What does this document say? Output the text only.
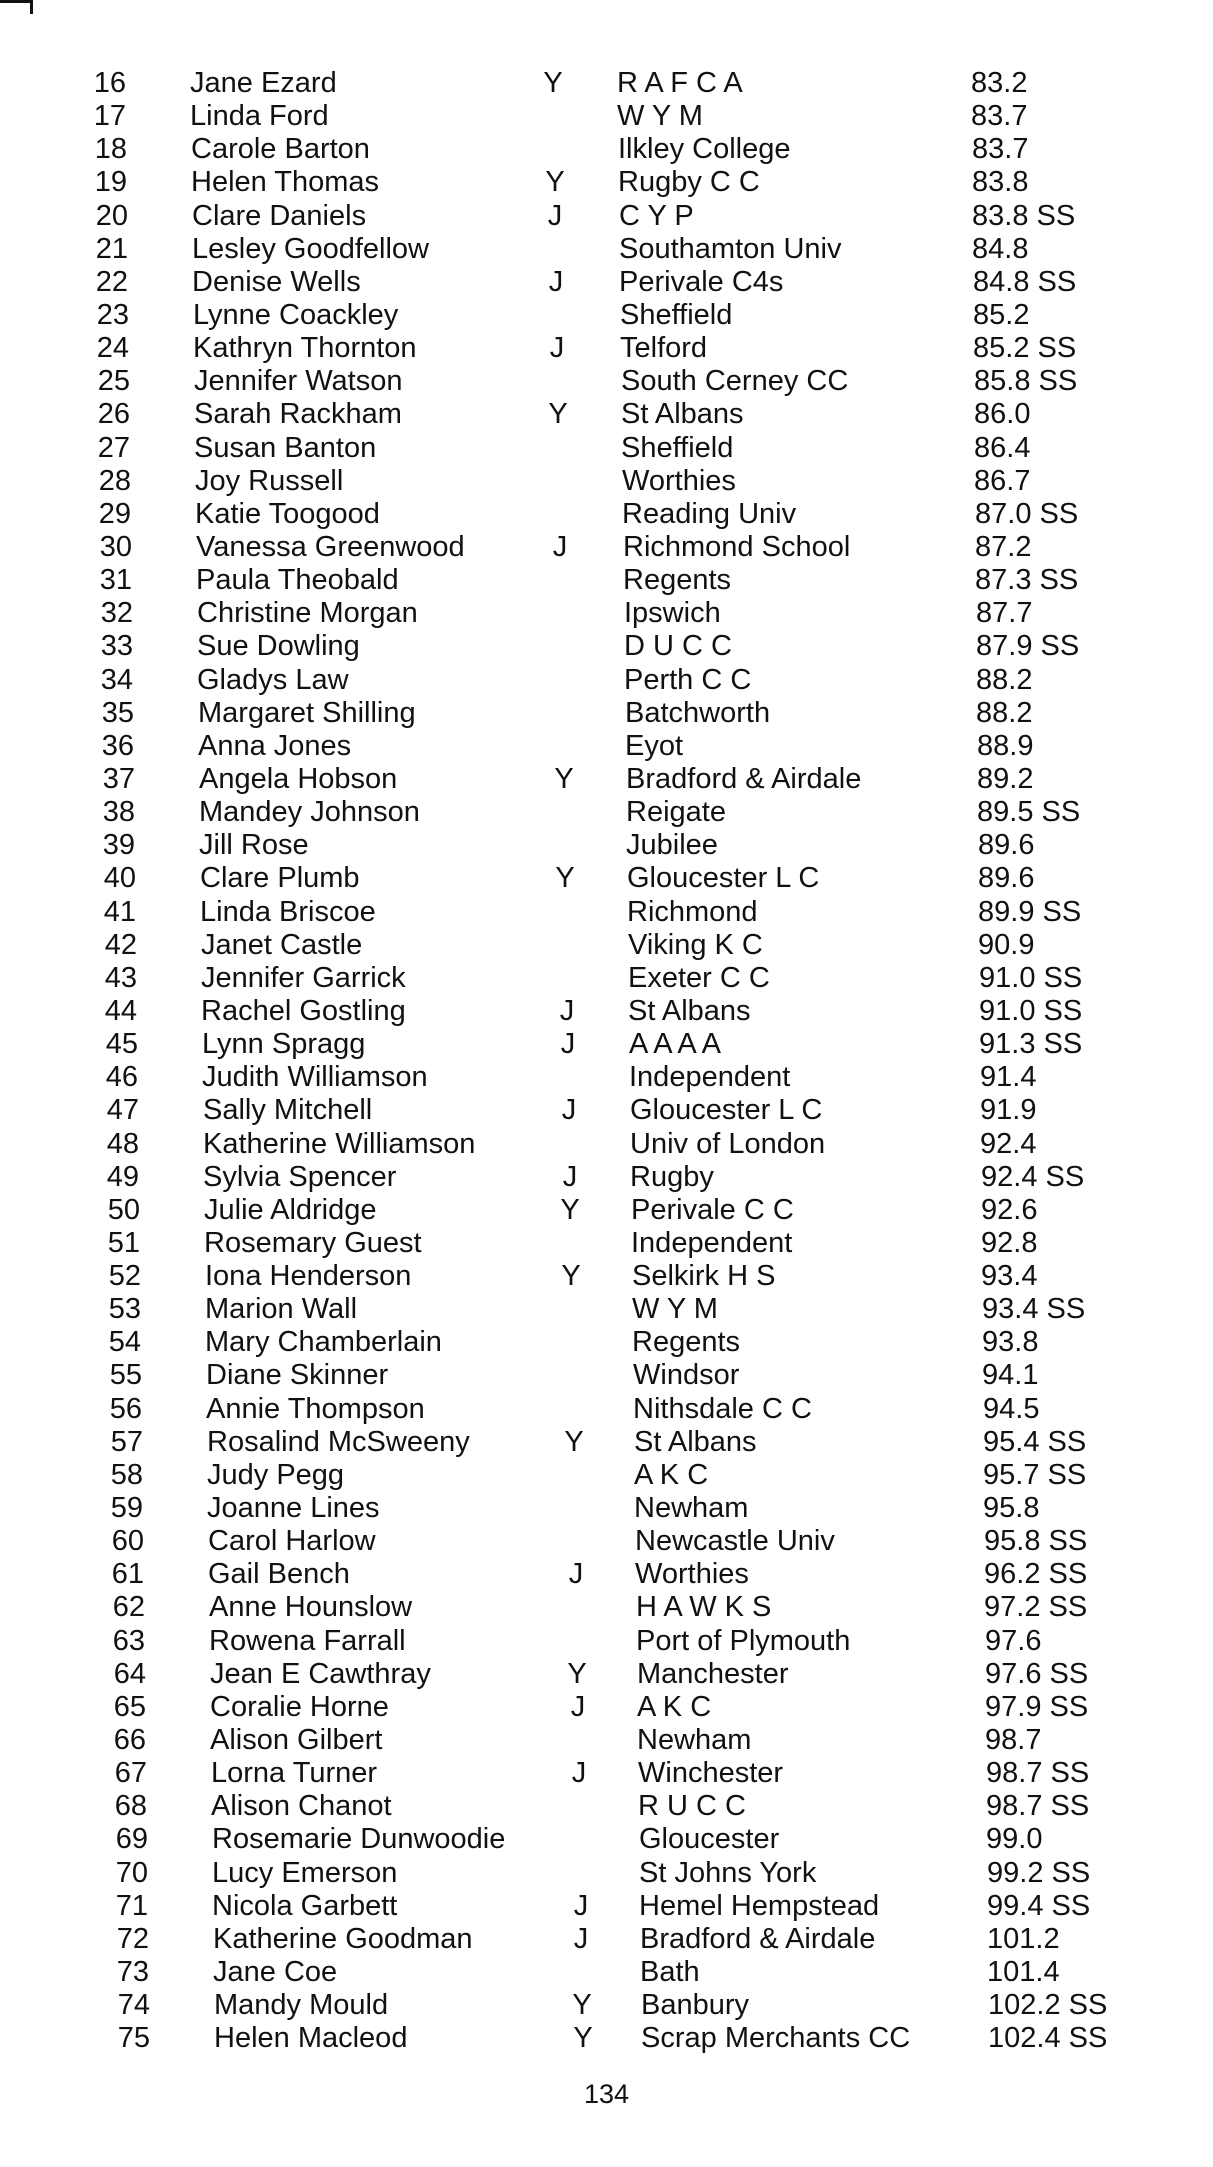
16 Jane Ezard	Y R A F C A	83.2
17 Linda Ford	W Y M	83.7
18 Carole Barton	Ilkley College	83.7
19 Helen Thomas	Y Rugby C C	83.8
20 Clare Daniels	J C Y P	83.8 SS
21 Lesley Goodfellow	Southamton Univ	84.8
22 Denise Wells	J Perivale C4s	84.8 SS
23 Lynne Coackley	Sheffield	85.2
24 Kathryn Thornton	J Telford	85.2 SS
25 Jennifer Watson	South Cerney CC	85.8 SS
26 Sarah Rackham	Y St Albans	86.0
27 Susan Banton	Sheffield	86.4
28 Joy Russell	Worthies	86.7
29 Katie Toogood	Reading Univ	87.0 SS
30 Vanessa Greenwood	J Richmond School	87.2
31 Paula Theobald	Regents	87.3 SS
32 Christine Morgan	Ipswich	87.7
33 Sue Dowling	D U C C	87.9 SS
34 Gladys Law	Perth C C	88.2
35 Margaret Shilling	Batchworth	88.2
36 Anna Jones	Eyot	88.9
37 Angela Hobson	Y Bradford & Airdale	89.2
38 Mandey Johnson	Reigate	89.5 SS
39 Jill Rose	Jubilee	89.6
40 Clare Plumb	Y Gloucester L C	89.6
41 Linda Briscoe	Richmond	89.9 SS
42 Janet Castle	Viking K C	90.9
43 Jennifer Garrick	Exeter C C	91.0 SS
44 Rachel Gostling	J St Albans	91.0 SS
45 Lynn Spragg	J A A A A	91.3 SS
46 Judith Williamson	Independent	91.4
47 Sally Mitchell	J Gloucester L C	91.9
48 Katherine Williamson	Univ of London	92.4
49 Sylvia Spencer	J Rugby	92.4 SS
50 Julie Aldridge	Y Perivale C C	92.6
51 Rosemary Guest	Independent	92.8
52 Iona Henderson	Y Selkirk H S	93.4
53 Marion Wall	W Y M	93.4 SS
54 Mary Chamberlain	Regents	93.8
55 Diane Skinner	Windsor	94.1
56 Annie Thompson	Nithsdale C C	94.5
57 Rosalind McSweeny	Y St Albans	95.4 SS
58 Judy Pegg	A K C	95.7 SS
59 Joanne Lines	Newham	95.8
60 Carol Harlow	Newcastle Univ	95.8 SS
61 Gail Bench	J Worthies	96.2 SS
62 Anne Hounslow	H A W K S	97.2 SS
63 Rowena Farrall	Port of Plymouth	97.6
64 Jean E Cawthray	Y Manchester	97.6 SS
65 Coralie Horne	J A K C	97.9 SS
66 Alison Gilbert	Newham	98.7
67 Lorna Turner	J Winchester	98.7 SS
68 Alison Chanot	R U C C	98.7 SS
69 Rosemarie Dunwoodie	Gloucester	99.0
70 Lucy Emerson	St Johns York	99.2 SS
71 Nicola Garbett	J Hemel Hempstead	99.4 SS
72 Katherine Goodman	J Bradford & Airdale	101.2
73 Jane Coe	Bath	101.4
74 Mandy Mould	Y Banbury	102.2 SS
75 Helen Macleod	Y Scrap Merchants CC	102.4 SS
134
